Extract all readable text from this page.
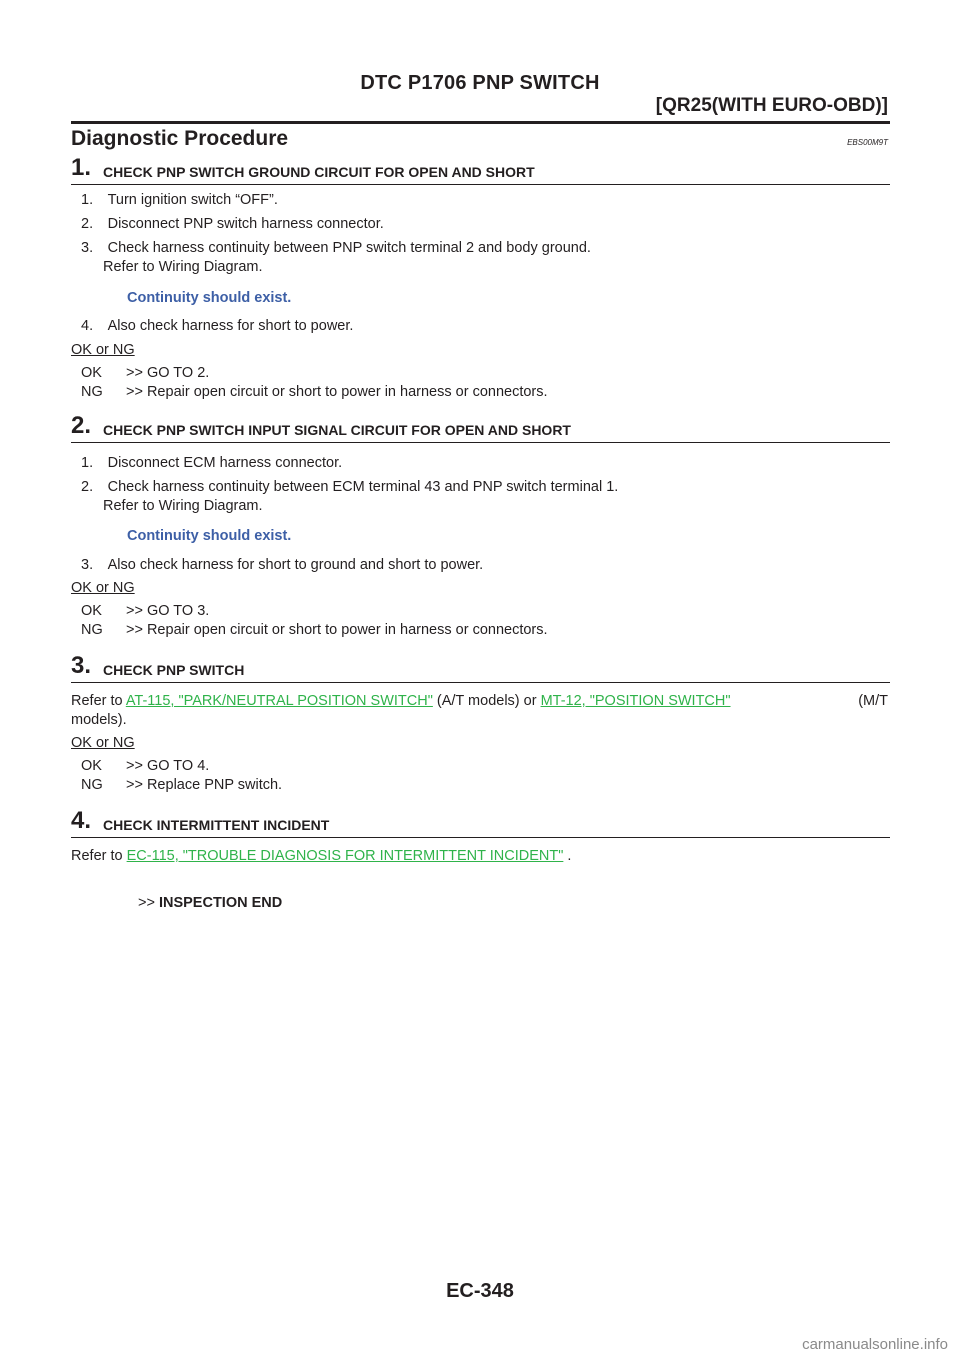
DTC P1706 PNP SWITCH
[QR25(WITH EURO-OBD)]
Diagnostic Procedure	EBS00M9T
1. CHECK PNP SWITCH GROUND CIRCUIT FOR OPEN AND SHORT
1. Turn ignition switch “OFF”.
2. Disconnect PNP switch harness connector.
3. Check harness continuity between PNP switch terminal 2 and body ground.
Refer to Wiring Diagram.
Continuity should exist.
4. Also check harness for short to power.
OK or NG
OK >> GO TO 2.
NG >> Repair open circuit or short to power in harness or connectors.
2. CHECK PNP SWITCH INPUT SIGNAL CIRCUIT FOR OPEN AND SHORT
1. Disconnect ECM harness connector.
2. Check harness continuity between ECM terminal 43 and PNP switch terminal 1.
Refer to Wiring Diagram.
Continuity should exist.
3. Also check harness for short to ground and short to power.
OK or NG
OK >> GO TO 3.
NG >> Repair open circuit or short to power in harness or connectors.
3. CHECK PNP SWITCH
Refer to AT-115, "PARK/NEUTRAL POSITION SWITCH" (A/T models) or MT-12, "POSITION SWITCH"	(M/T
models).
OK or NG
OK >> GO TO 4.
NG >> Replace PNP switch.
4. CHECK INTERMITTENT INCIDENT
Refer to EC-115, "TROUBLE DIAGNOSIS FOR INTERMITTENT INCIDENT" .
>> INSPECTION END
EC-348
carmanualsonline.info
